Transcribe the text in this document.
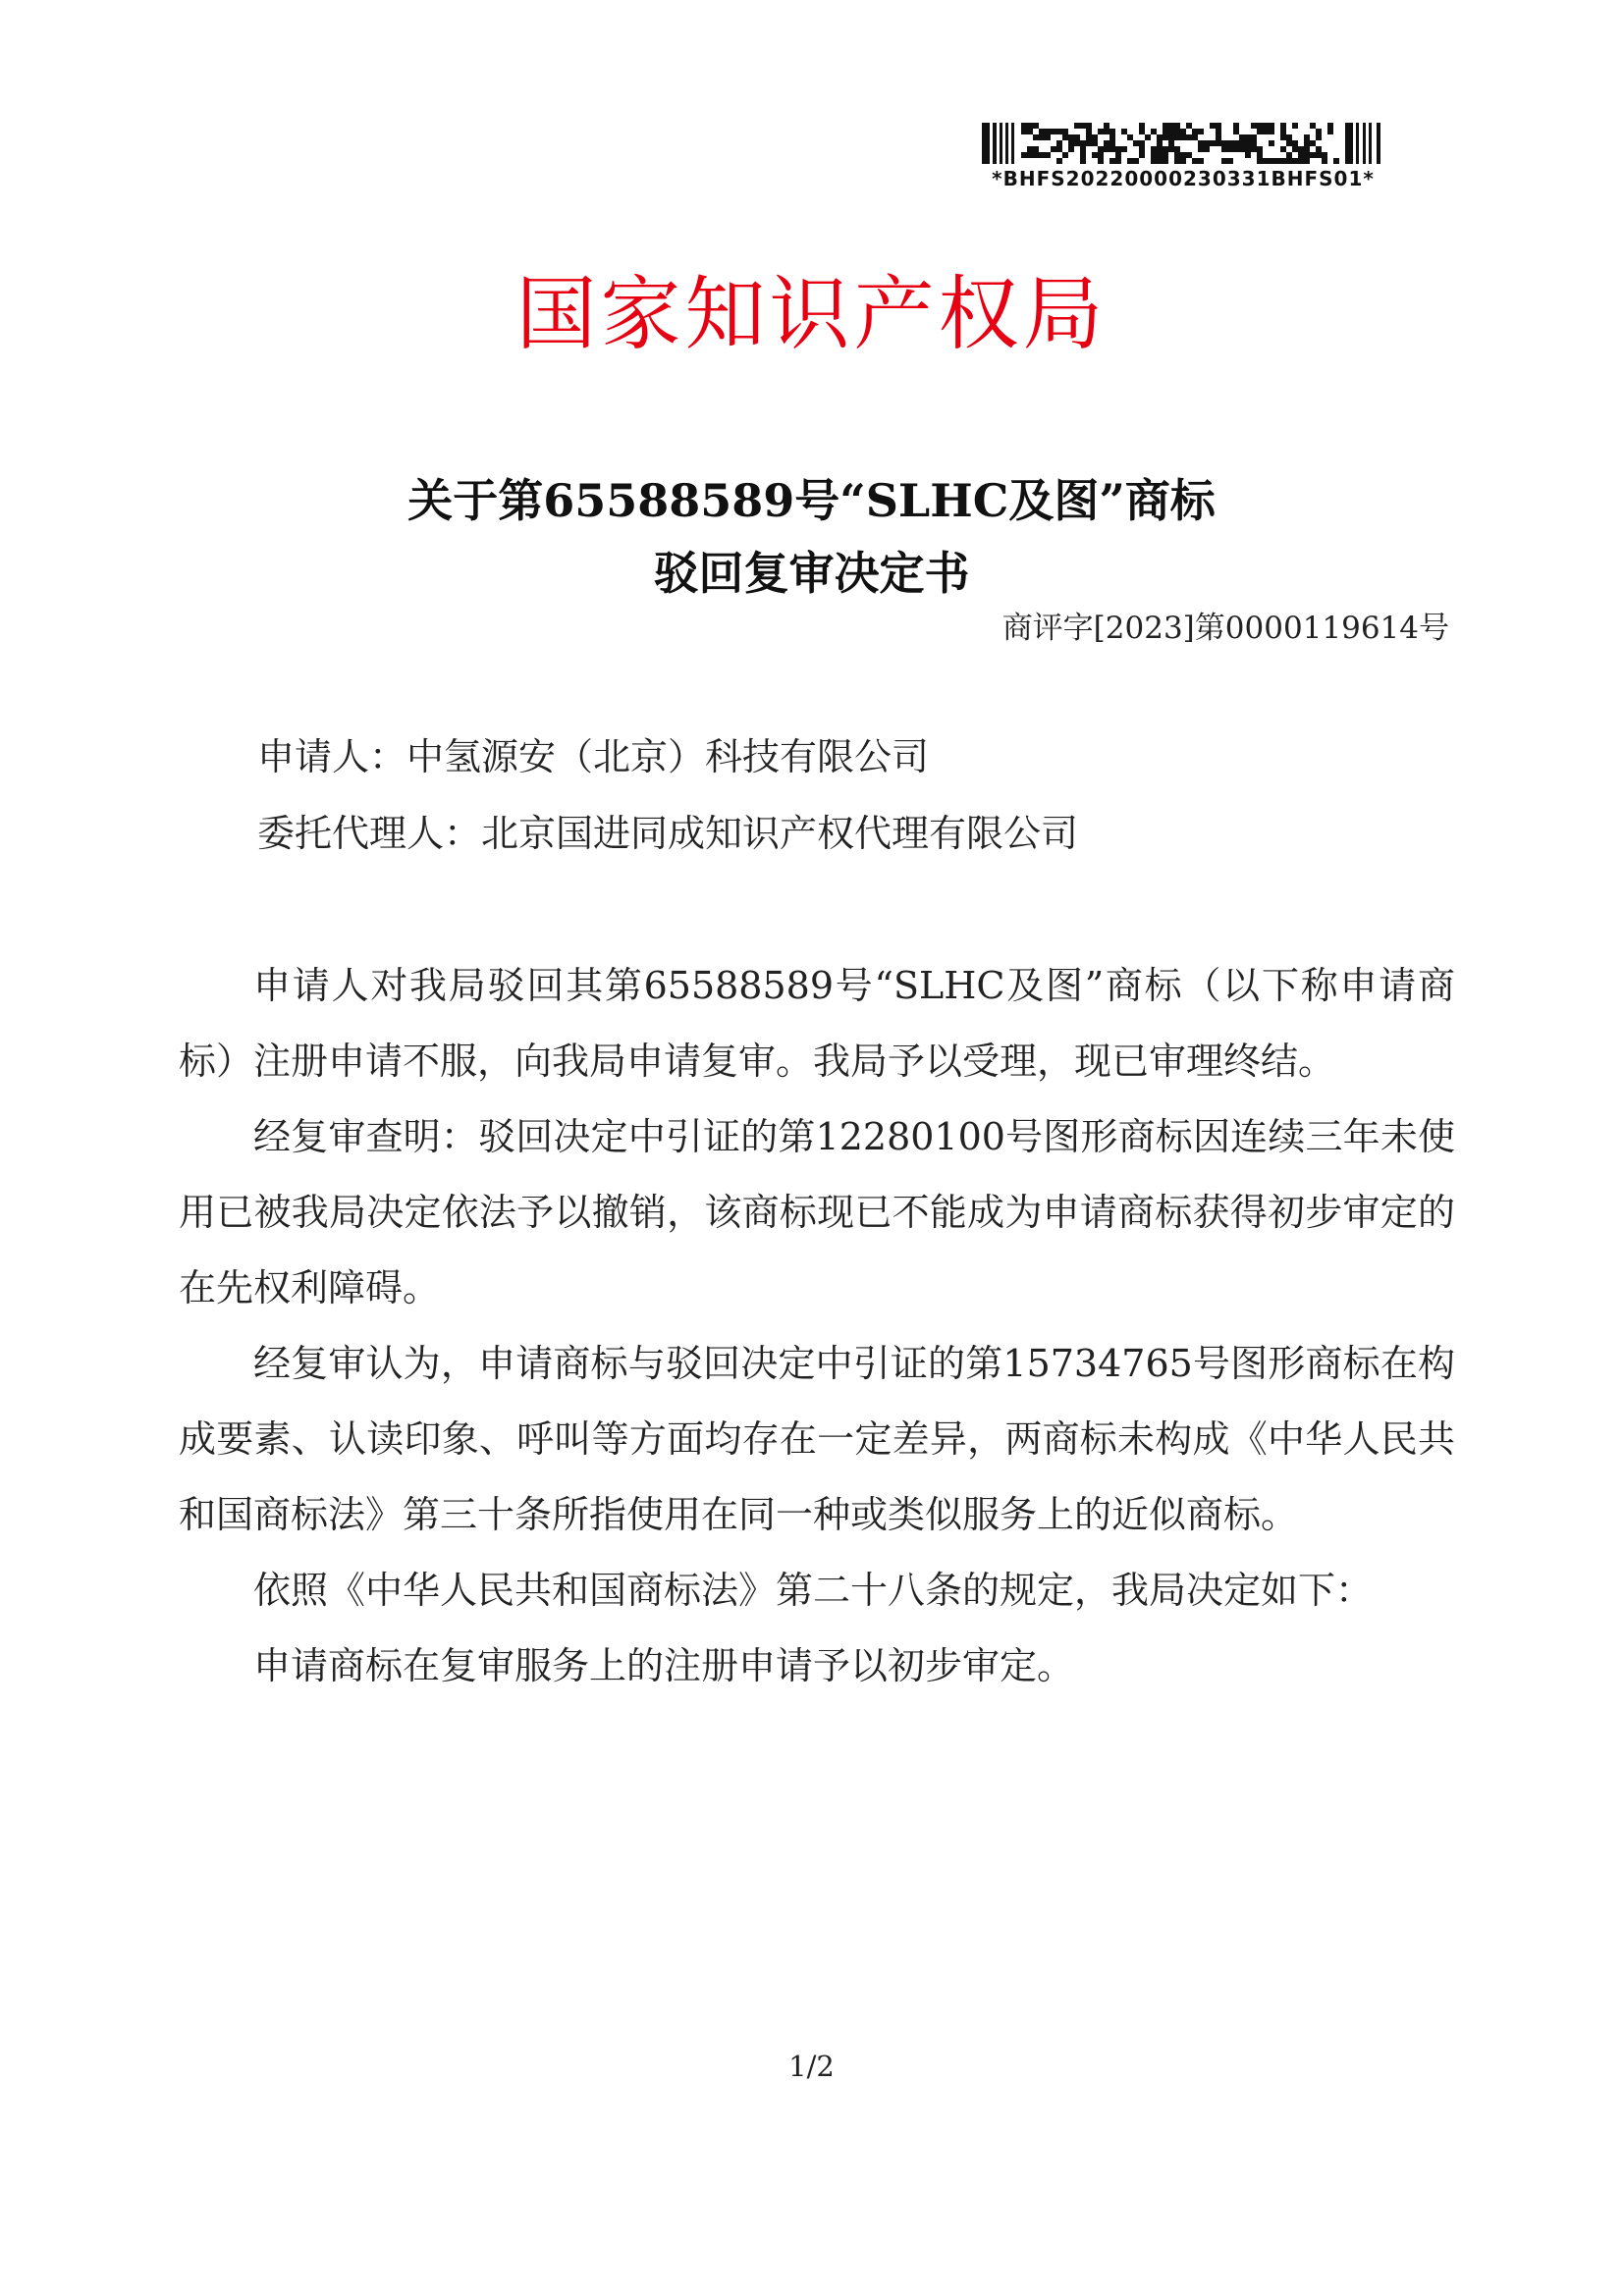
*BHFS20220000230331BHFS01*
国家知识产权局
关于第65588589号“SLHC及图”商标
驳回复审决定书
商评字[2023]第0000119614号
申请人：中氢源安（北京）科技有限公司
委托代理人：北京国进同成知识产权代理有限公司

申请人对我局驳回其第65588589号“SLHC及图”商标（以下称申请商标）注册申请不服，向我局申请复审。我局予以受理，现已审理终结。

经复审查明：驳回决定中引证的第12280100号图形商标因连续三年未使用已被我局决定依法予以撤销，该商标现已不能成为申请商标获得初步审定的在先权利障碍。

经复审认为，申请商标与驳回决定中引证的第15734765号图形商标在构成要素、认读印象、呼叫等方面均存在一定差异，两商标未构成《中华人民共和国商标法》第三十条所指使用在同一种或类似服务上的近似商标。

依照《中华人民共和国商标法》第二十八条的规定，我局决定如下：

申请商标在复审服务上的注册申请予以初步审定。

1/2
